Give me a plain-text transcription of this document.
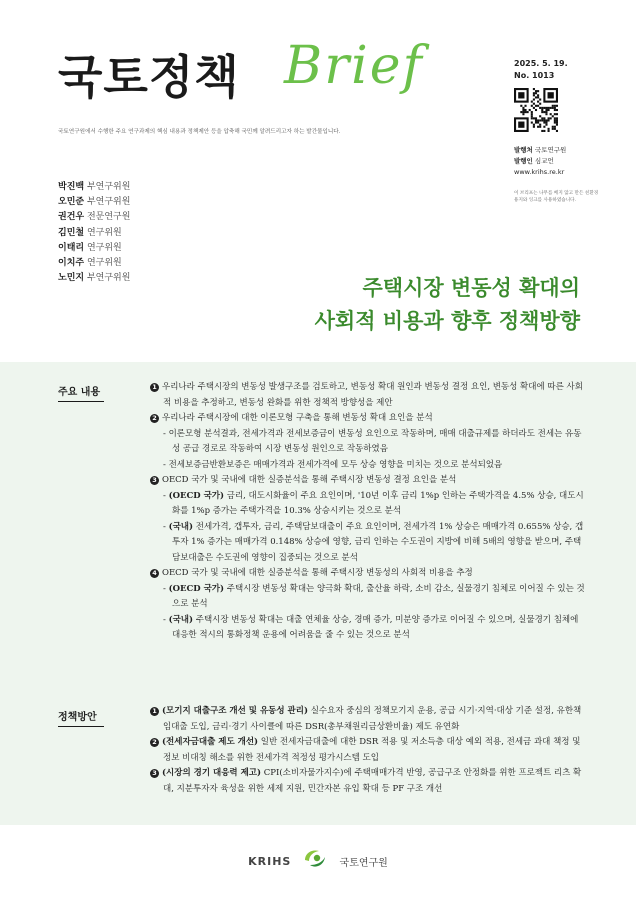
국토정책 Brief
국토연구원에서 수행한 주요 연구과제의 핵심 내용과 정책제안 등을 압축해 국민께 알려드리고자 하는 발간물입니다.
2025. 5. 19.
No. 1013
발행처 국토연구원
발행인 심교언
www.krihs.re.kr
이 브리프는 나무를 베지 않고 만든 친환경 용지와 잉크를 사용하였습니다.
박진백 부연구위원
오민준 부연구위원
권건우 전문연구원
김민철 연구위원
이태리 연구위원
이치주 연구위원
노민지 부연구위원	주택시장 변동성 확대의
사회적 비용과 향후 정책방향
주요 내용	1 우리나라 주택시장의 변동성 발생구조를 검토하고, 변동성 확대 원인과 변동성 결정 요인, 변동성 확대에 따른 사회적 비용을 추정하고, 변동성 완화를 위한 정책적 방향성을 제안

2 우리나라 주택시장에 대한 이론모형 구축을 통해 변동성 확대 요인을 분석

- 이론모형 분석결과, 전세가격과 전세보증금이 변동성 요인으로 작동하며, 매매 대출규제를 하더라도 전세는 유동성 공급 경로로 작동하여 시장 변동성 원인으로 작동하였음

- 전세보증금반환보증은 매매가격과 전세가격에 모두 상승 영향을 미치는 것으로 분석되었음

3 OECD 국가 및 국내에 대한 실증분석을 통해 주택시장 변동성 결정 요인을 분석

- (OECD 국가) 금리, 대도시화율이 주요 요인이며, '10년 이후 금리 1%p 인하는 주택가격을 4.5% 상승, 대도시화를 1%p 증가는 주택가격을 10.3% 상승시키는 것으로 분석

- (국내) 전세가격, 갭투자, 금리, 주택담보대출이 주요 요인이며, 전세가격 1% 상승은 매매가격 0.655% 상승, 갭투자 1% 증가는 매매가격 0.148% 상승에 영향, 금리 인하는 수도권이 지방에 비해 5배의 영향을 받으며, 주택담보대출은 수도권에 영향이 집중되는 것으로 분석

4 OECD 국가 및 국내에 대한 실증분석을 통해 주택시장 변동성의 사회적 비용을 추정

- (OECD 국가) 주택시장 변동성 확대는 양극화 확대, 출산율 하락, 소비 감소, 실물경기 침체로 이어질 수 있는 것으로 분석

- (국내) 주택시장 변동성 확대는 대출 연체율 상승, 경매 증가, 미분양 증가로 이어질 수 있으며, 실물경기 침체에 대응한 적시의 통화정책 운용에 어려움을 줄 수 있는 것으로 분석

정책방안

1 (모기지 대출구조 개선 및 유동성 관리) 실수요자 중심의 정책모기지 운용, 공급 시기·지역·대상 기준 설정, 유한책임대출 도입, 금리·경기 사이클에 따른 DSR(총부채원리금상환비율) 제도 유연화

2 (전세자금대출 제도 개선) 일반 전세자금대출에 대한 DSR 적용 및 저소득층 대상 예외 적용, 전세금 과대 책정 및 정보 비대칭 해소를 위한 전세가격 적정성 평가시스템 도입

3 (시장의 경기 대응력 제고) CPI(소비자물가지수)에 주택매매가격 반영, 공급구조 안정화를 위한 프로젝트 리츠 확대, 지분투자자 육성을 위한 세제 지원, 민간자본 유입 확대 등 PF 구조 개선

KRIHS	국토연구원
